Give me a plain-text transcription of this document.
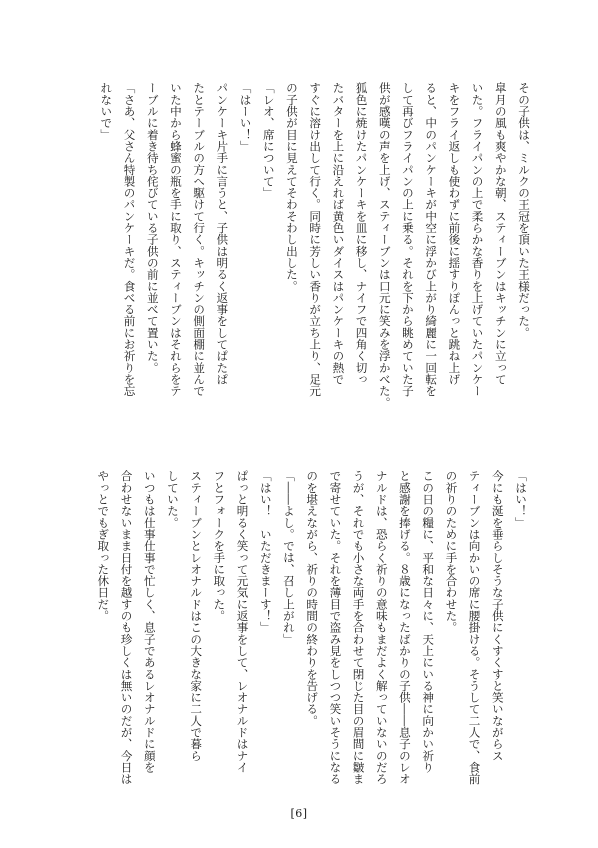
その子供は、ミルクの王冠を頂いた王様だった。
皐月の風も爽やかな朝、スティーブンはキッチンに立って
いた。フライパンの上で柔らかな香りを上げていたパンケー
キをフライ返しも使わずに前後に揺すりぽんっと跳ね上げ
ると、中のパンケーキが中空に浮かび上がり綺麗に一回転を
して再びフライパンの上に乗る。それを下から眺めていた子
供が感嘆の声を上げ、スティーブンは口元に笑みを浮かべた。
狐色に焼けたパンケーキを皿に移し、ナイフで四角く切っ
たバターを上に沿えれば黄色いダイスはパンケーキの熱で
すぐに溶け出して行く。同時に芳しい香りが立ち上り、足元
の子供が目に見えてそわそわし出した。
「レオ、席について」
「はーい！」
パンケーキ片手に言うと、子供は明るく返事をしてぱたぱ
たとテーブルの方へ駆けて行く。キッチンの側面棚に並んで
いた中から蜂蜜の瓶を手に取り、スティーブンはそれらをテ
ーブルに着き待ち侘びている子供の前に並べて置いた。
「さあ、父さん特製のパンケーキだ。食べる前にお祈りを忘
れないで」
「はい！」
今にも涎を垂らしそうな子供にくすくすと笑いながらス
ティーブンは向かいの席に腰掛ける。そうして二人で、食前
の祈りのために手を合わせた。
この日の糧に、平和な日々に、天上にいる神に向かい祈り
と感謝を捧げる。８歳になったばかりの子供――息子のレオ
ナルドは、恐らく祈りの意味もまだよく解っていないのだろ
うが、それでも小さな両手を合わせて閉じた目の眉間に皺ま
で寄せていた。それを薄目で盗み見をしつつ笑いそうになる
のを堪えながら、祈りの時間の終わりを告げる。
「――よし。では、召し上がれ」
「はい！　いただきまーす！」
ぱっと明るく笑って元気に返事をして、レオナルドはナイ
フとフォークを手に取った。
スティーブンとレオナルドはこの大きな家に二人で暮ら
していた。
いつもは仕事仕事で忙しく、息子であるレオナルドに顔を
合わせないまま日付を越すのも珍しくは無いのだが、今日は
やっとでもぎ取った休日だ。
[6]
